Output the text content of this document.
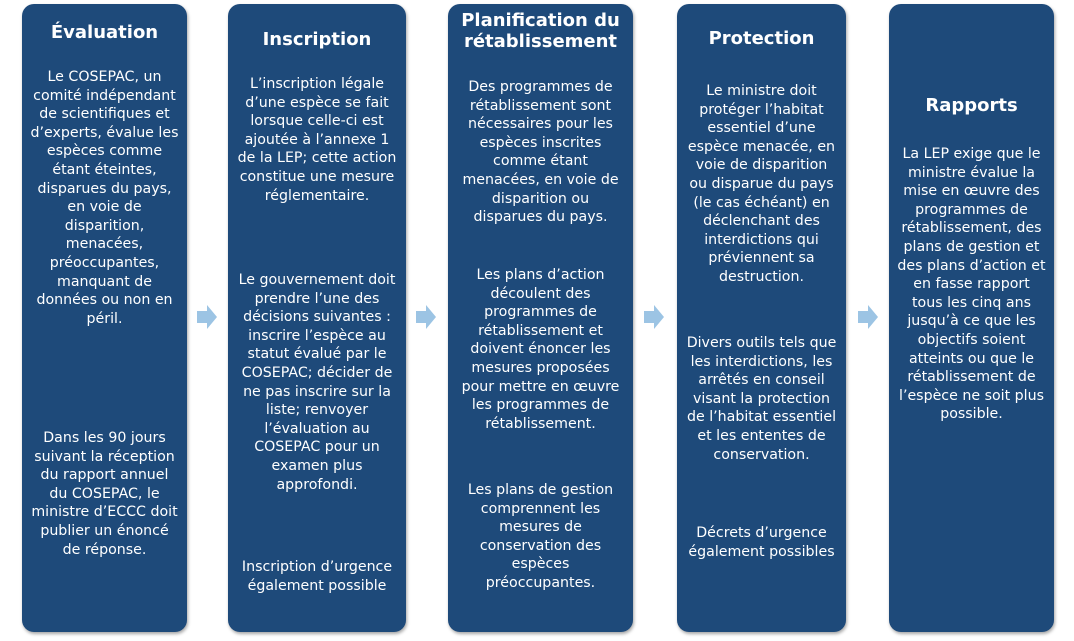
Évaluation

Le COSEPAC, un comité indépendant de scientifiques et d’experts, évalue les espèces comme étant éteintes, disparues du pays, en voie de disparition, menacées, préoccupantes, manquant de données ou non en péril.

Dans les 90 jours suivant la réception du rapport annuel du COSEPAC, le ministre d’ECCC doit publier un énoncé de réponse.

Inscription

L’inscription légale d’une espèce se fait lorsque celle-ci est ajoutée à l’annexe 1 de la LEP; cette action constitue une mesure réglementaire.

Le gouvernement doit prendre l’une des décisions suivantes : inscrire l’espèce au statut évalué par le COSEPAC; décider de ne pas inscrire sur la liste; renvoyer l’évaluation au COSEPAC pour un examen plus approfondi.

Inscription d’urgence également possible

Planification du rétablissement

Des programmes de rétablissement sont nécessaires pour les espèces inscrites comme étant menacées, en voie de disparition ou disparues du pays.

Les plans d’action découlent des programmes de rétablissement et doivent énoncer les mesures proposées pour mettre en œuvre les programmes de rétablissement.

Les plans de gestion comprennent les mesures de conservation des espèces préoccupantes.

Protection

Le ministre doit protéger l’habitat essentiel d’une espèce menacée, en voie de disparition ou disparue du pays (le cas échéant) en déclenchant des interdictions qui préviennent sa destruction.

Divers outils tels que les interdictions, les arrêtés en conseil visant la protection de l’habitat essentiel et les ententes de conservation.

Décrets d’urgence également possibles

Rapports

La LEP exige que le ministre évalue la mise en œuvre des programmes de rétablissement, des plans de gestion et des plans d’action et en fasse rapport tous les cinq ans jusqu’à ce que les objectifs soient atteints ou que le rétablissement de l’espèce ne soit plus possible.
